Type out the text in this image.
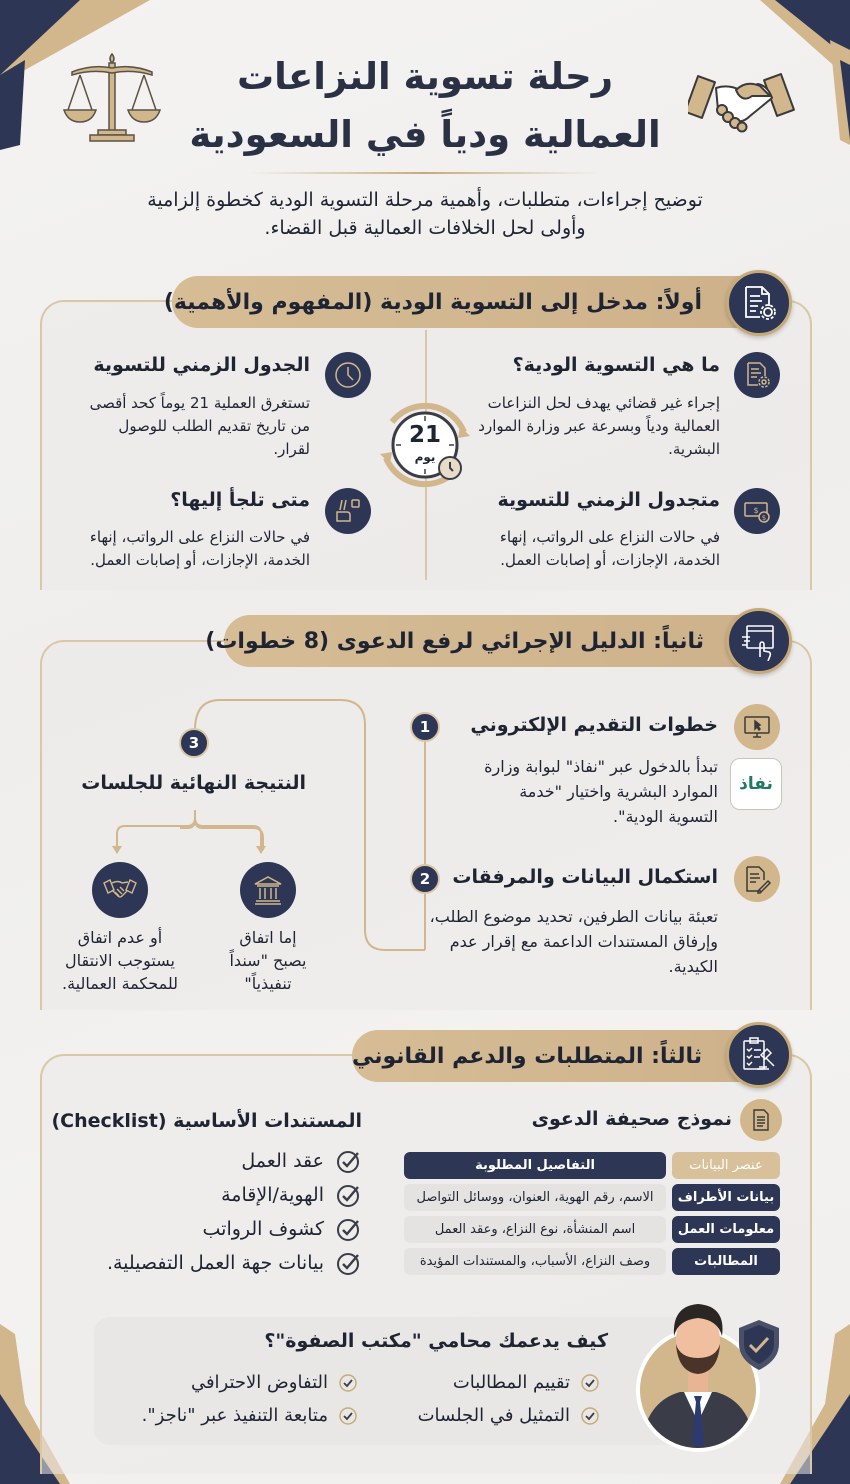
رحلة تسوية النزاعات
العمالية ودياً في السعودية
توضيح إجراءات، متطلبات، وأهمية مرحلة التسوية الودية كخطوة إلزامية
وأولى لحل الخلافات العمالية قبل القضاء.
أولاً: مدخل إلى التسوية الودية (المفهوم والأهمية)
21
يوم
ما هي التسوية الودية؟
إجراء غير قضائي يهدف لحل النزاعات العمالية ودياً وبسرعة عبر وزارة الموارد البشرية.
الجدول الزمني للتسوية
تستغرق العملية 21 يوماً كحد أقصى من تاريخ تقديم الطلب للوصول لقرار.
$
$
متجدول الزمني للتسوية
في حالات النزاع على الرواتب، إنهاء الخدمة، الإجازات، أو إصابات العمل.
متى تلجأ إليها؟
في حالات النزاع على الرواتب، إنهاء الخدمة، الإجازات، أو إصابات العمل.
ثانياً: الدليل الإجرائي لرفع الدعوى (8 خطوات)
1	خطوات التقديم الإلكتروني
نفاذ
تبدأ بالدخول عبر "نفاذ" لبوابة وزارة الموارد البشرية واختيار "خدمة التسوية الودية".
2	استكمال البيانات والمرفقات
تعبئة بيانات الطرفين، تحديد موضوع الطلب، وإرفاق المستندات الداعمة مع إقرار عدم الكيدية.
3
النتيجة النهائية للجلسات
إما اتفاق يصبح "سنداً تنفيذياً"
أو عدم اتفاق يستوجب الانتقال للمحكمة العمالية.
ثالثاً: المتطلبات والدعم القانوني
نموذج صحيفة الدعوى
عنصر البيانات
التفاصيل المطلوبة
بيانات الأطراف
الاسم، رقم الهوية، العنوان، ووسائل التواصل
معلومات العمل
اسم المنشأة، نوع النزاع، وعقد العمل
المطالبات
وصف النزاع، الأسباب، والمستندات المؤيدة
المستندات الأساسية (Checklist)
عقد العمل
الهوية/الإقامة
كشوف الرواتب
بيانات جهة العمل التفصيلية.
كيف يدعمك محامي "مكتب الصفوة"؟
تقييم المطالبات
التفاوض الاحترافي
التمثيل في الجلسات
متابعة التنفيذ عبر "ناجز".
